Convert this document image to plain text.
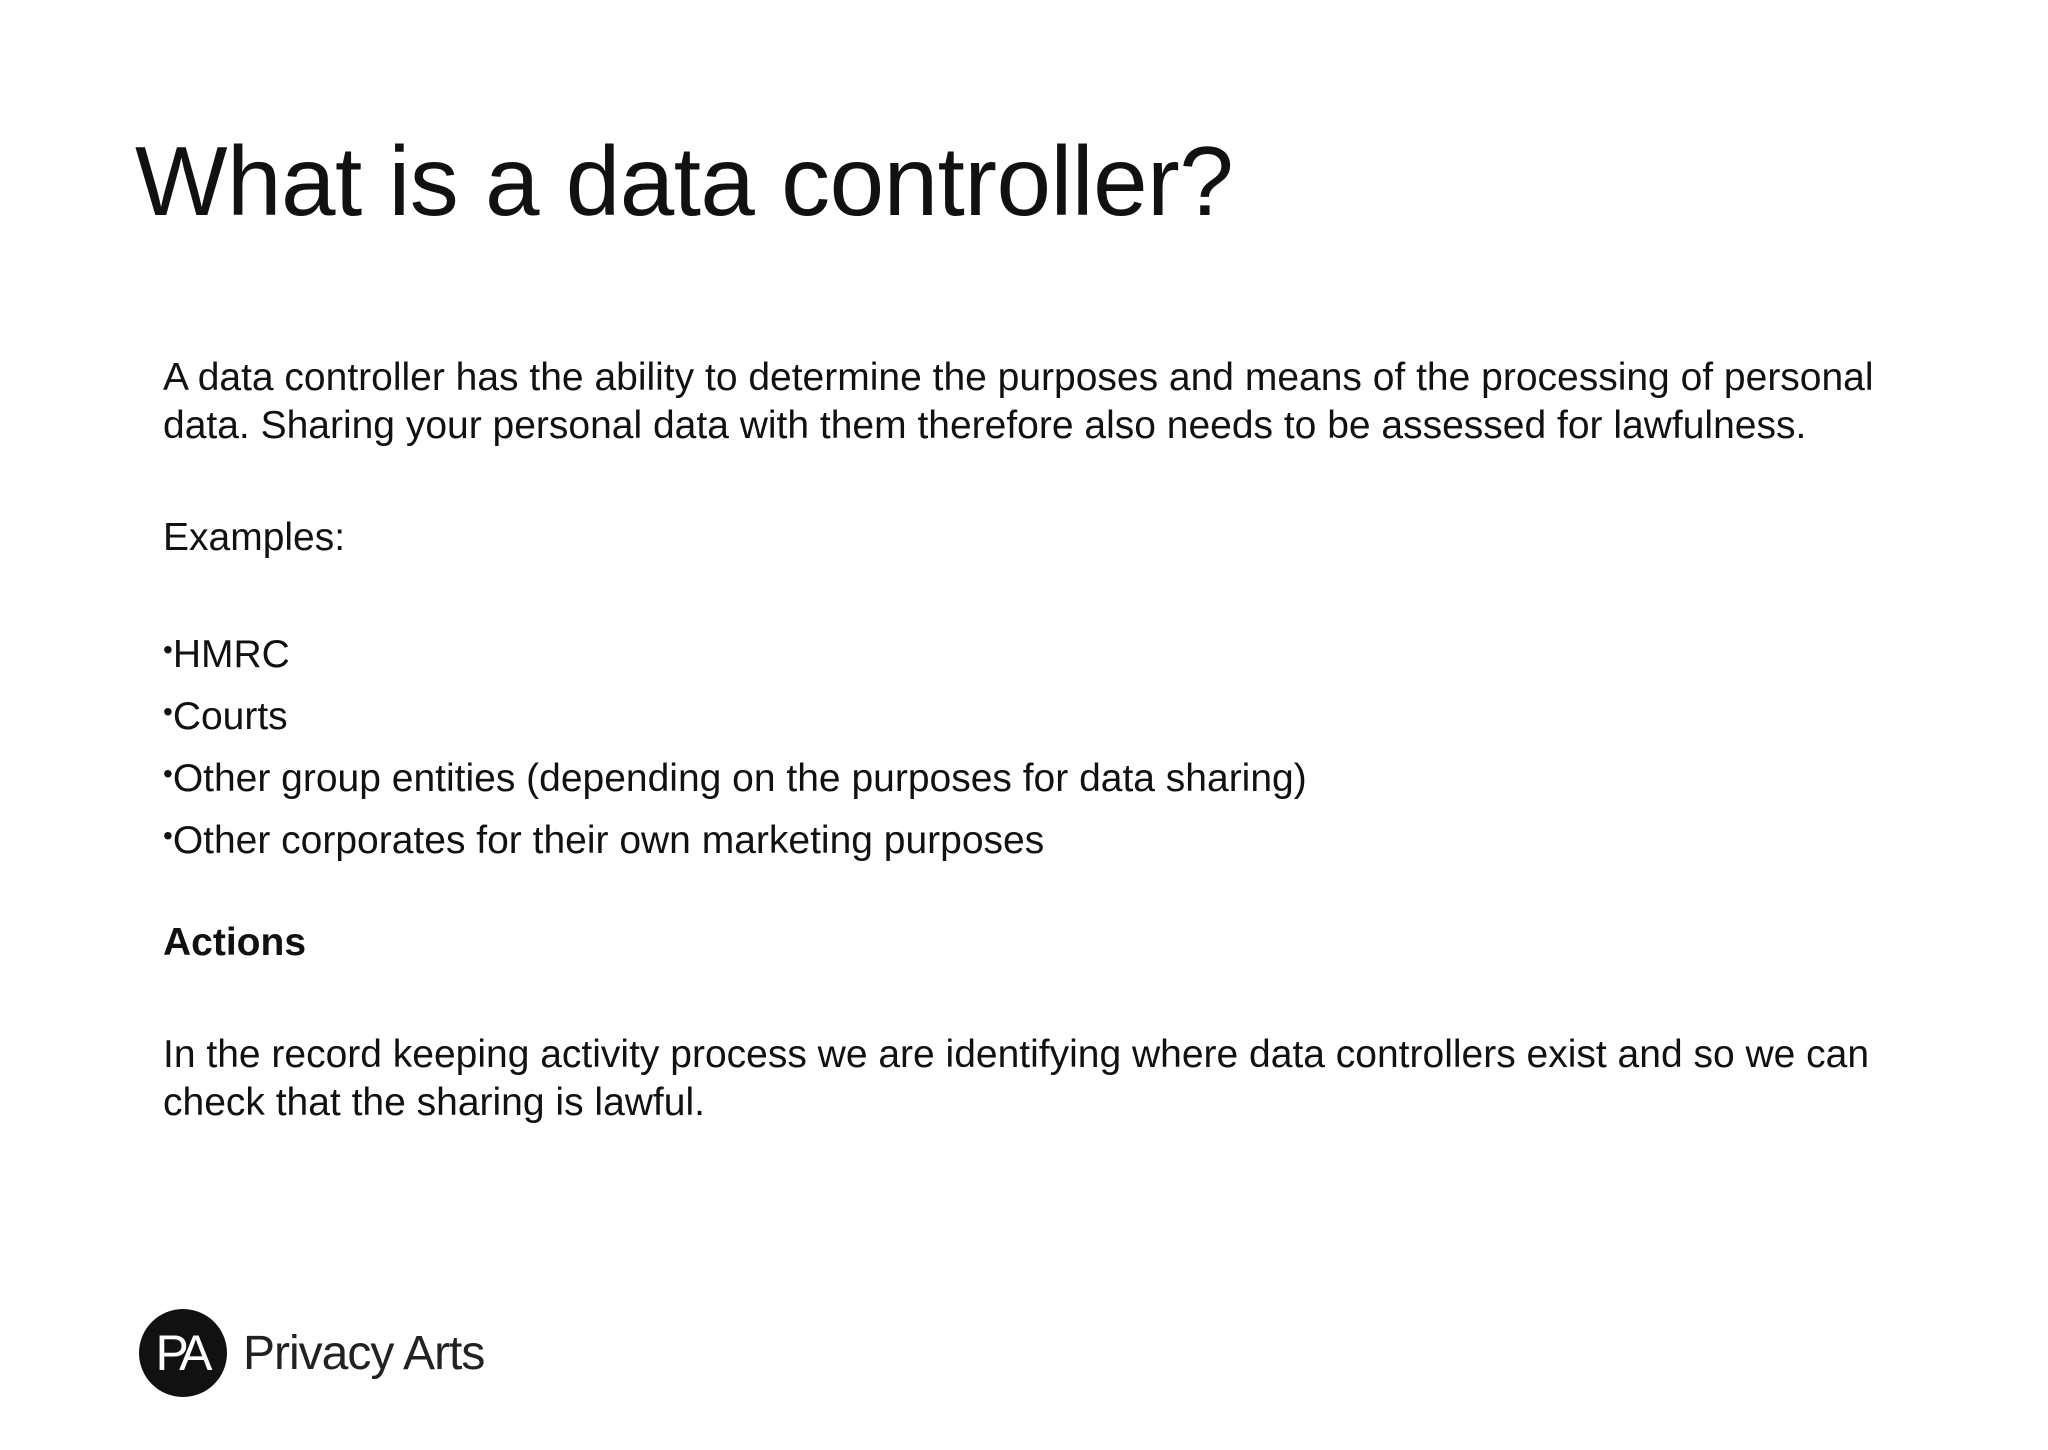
What is a data controller?

A data controller has the ability to determine the purposes and means of the processing of personal data. Sharing your personal data with them therefore also needs to be assessed for lawfulness.

Examples:

•HMRC
•Courts
•Other group entities (depending on the purposes for data sharing)
•Other corporates for their own marketing purposes

Actions

In the record keeping activity process we are identifying where data controllers exist and so we can check that the sharing is lawful.

PA Privacy Arts
